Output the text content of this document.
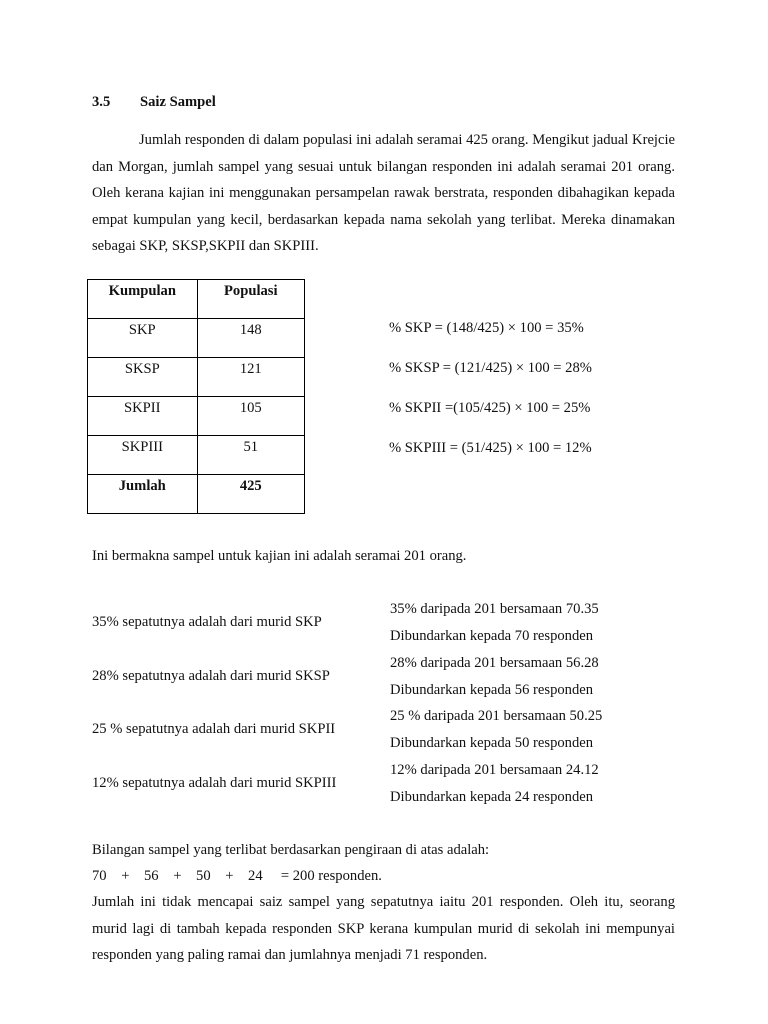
3.5 Saiz Sampel

Jumlah responden di dalam populasi ini adalah seramai 425 orang. Mengikut jadual Krejcie dan Morgan, jumlah sampel yang sesuai untuk bilangan responden ini adalah seramai 201 orang. Oleh kerana kajian ini menggunakan persampelan rawak berstrata, responden dibahagikan kepada empat kumpulan yang kecil, berdasarkan kepada nama sekolah yang terlibat. Mereka dinamakan sebagai SKP, SKSP,SKPII dan SKPIII.

Kumpulan	Populasi
SKP	148
SKSP	121
SKPII	105
SKPIII	51
Jumlah	425
% SKP = (148/425) × 100 = 35%
% SKSP = (121/425) × 100 = 28%
% SKPII =(105/425) × 100 = 25%
% SKPIII = (51/425) × 100 = 12%
Ini bermakna sampel untuk kajian ini adalah seramai 201 orang.
35% sepatutnya adalah dari murid SKP
35% daripada 201 bersamaan 70.35
Dibundarkan kepada 70 responden
28% sepatutnya adalah dari murid SKSP
28% daripada 201 bersamaan 56.28
Dibundarkan kepada 56 responden
25 % sepatutnya adalah dari murid SKPII
25 % daripada 201 bersamaan 50.25
Dibundarkan kepada 50 responden
12% sepatutnya adalah dari murid SKPIII
12% daripada 201 bersamaan 24.12
Dibundarkan kepada 24 responden
Bilangan sampel yang terlibat berdasarkan pengiraan di atas adalah:
70    +    56    +    50    +    24     = 200 responden.

Jumlah ini tidak mencapai saiz sampel yang sepatutnya iaitu 201 responden. Oleh itu, seorang murid lagi di tambah kepada responden SKP kerana kumpulan murid di sekolah ini mempunyai responden yang paling ramai dan jumlahnya menjadi 71 responden.
